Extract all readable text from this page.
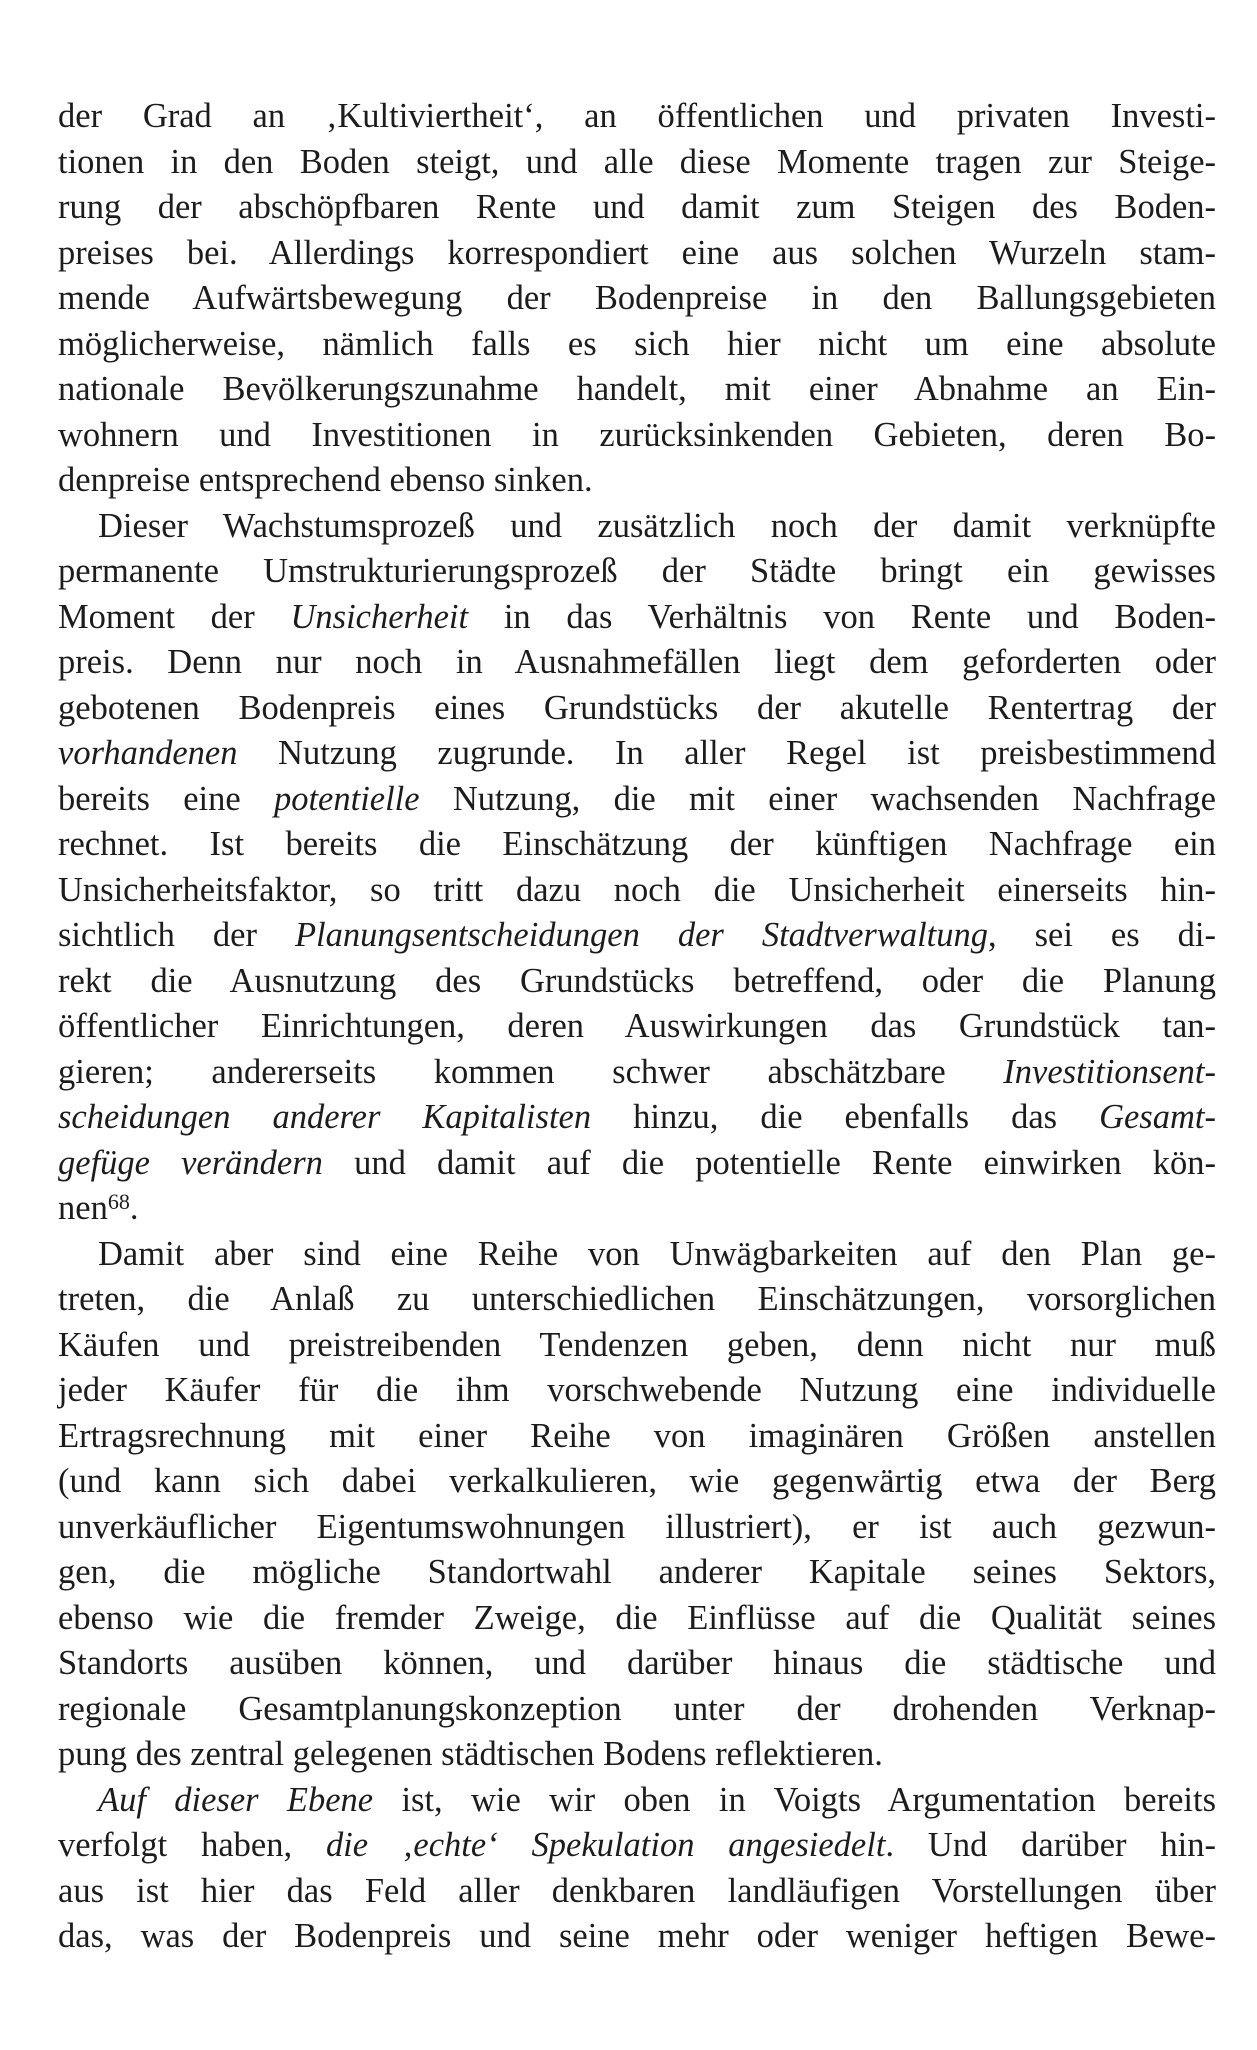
der Grad an ‚Kultiviertheit‘, an öffentlichen und privaten Investi-
tionen in den Boden steigt, und alle diese Momente tragen zur Steige-
rung der abschöpfbaren Rente und damit zum Steigen des Boden-
preises bei. Allerdings korrespondiert eine aus solchen Wurzeln stam-
mende Aufwärtsbewegung der Bodenpreise in den Ballungsgebieten
möglicherweise, nämlich falls es sich hier nicht um eine absolute
nationale Bevölkerungszunahme handelt, mit einer Abnahme an Ein-
wohnern und Investitionen in zurücksinkenden Gebieten, deren Bo-
denpreise entsprechend ebenso sinken.
Dieser Wachstumsprozeß und zusätzlich noch der damit verknüpfte
permanente Umstrukturierungsprozeß der Städte bringt ein gewisses
Moment der Unsicherheit in das Verhältnis von Rente und Boden-
preis. Denn nur noch in Ausnahmefällen liegt dem geforderten oder
gebotenen Bodenpreis eines Grundstücks der akutelle Rentertrag der
vorhandenen Nutzung zugrunde. In aller Regel ist preisbestimmend
bereits eine potentielle Nutzung, die mit einer wachsenden Nachfrage
rechnet. Ist bereits die Einschätzung der künftigen Nachfrage ein
Unsicherheitsfaktor, so tritt dazu noch die Unsicherheit einerseits hin-
sichtlich der Planungsentscheidungen der Stadtverwaltung, sei es di-
rekt die Ausnutzung des Grundstücks betreffend, oder die Planung
öffentlicher Einrichtungen, deren Auswirkungen das Grundstück tan-
gieren; andererseits kommen schwer abschätzbare Investitionsent-
scheidungen anderer Kapitalisten hinzu, die ebenfalls das Gesamt-
gefüge verändern und damit auf die potentielle Rente einwirken kön-
nen$^{68}$.
Damit aber sind eine Reihe von Unwägbarkeiten auf den Plan ge-
treten, die Anlaß zu unterschiedlichen Einschätzungen, vorsorglichen
Käufen und preistreibenden Tendenzen geben, denn nicht nur muß
jeder Käufer für die ihm vorschwebende Nutzung eine individuelle
Ertragsrechnung mit einer Reihe von imaginären Größen anstellen
(und kann sich dabei verkalkulieren, wie gegenwärtig etwa der Berg
unverkäuflicher Eigentumswohnungen illustriert), er ist auch gezwun-
gen, die mögliche Standortwahl anderer Kapitale seines Sektors,
ebenso wie die fremder Zweige, die Einflüsse auf die Qualität seines
Standorts ausüben können, und darüber hinaus die städtische und
regionale Gesamtplanungskonzeption unter der drohenden Verknap-
pung des zentral gelegenen städtischen Bodens reflektieren.
Auf dieser Ebene ist, wie wir oben in Voigts Argumentation bereits
verfolgt haben, die ‚echte‘ Spekulation angesiedelt. Und darüber hin-
aus ist hier das Feld aller denkbaren landläufigen Vorstellungen über
das, was der Bodenpreis und seine mehr oder weniger heftigen Bewe-
